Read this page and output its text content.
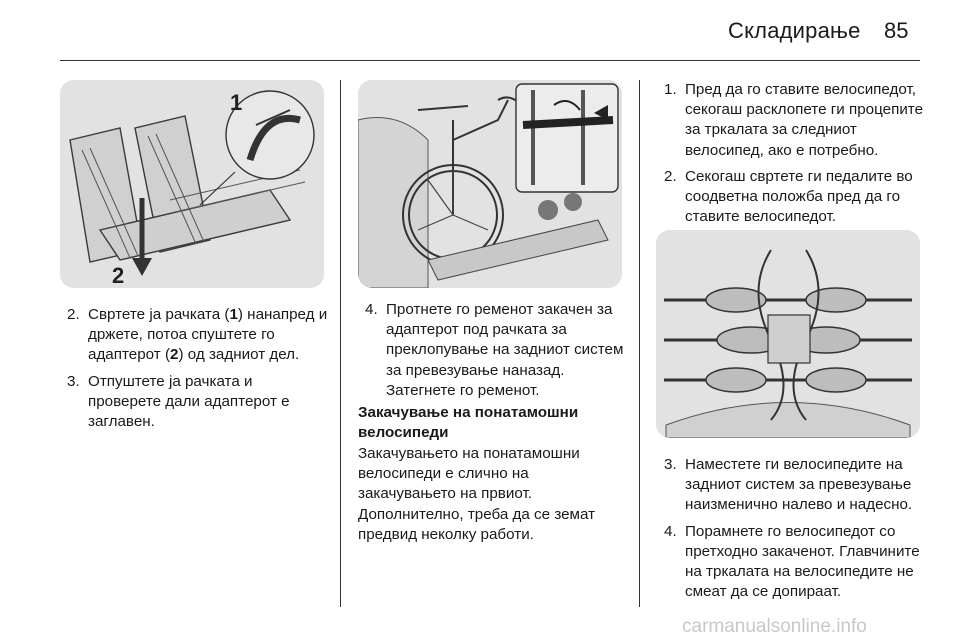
Складирање 85
1
2
2. Свртете ја рачката (1) нанапред и држете, потоа спуштете го адаптерот (2) од задниот дел.
3. Отпуштете ја рачката и проверете дали адаптерот е заглавен.
4. Протнете го ременот закачен за адаптерот под рачката за преклопување на задниот систем за превезување наназад. Затегнете го ременот.
Закачување на понатамошни велосипеди
Закачувањето на понатамошни велосипеди е слично на закачувањето на првиот. Дополнително, треба да се земат предвид неколку работи.
1. Пред да го ставите велосипедот, секогаш расклопете ги процепите за тркалата за следниот велосипед, ако е потребно.
2. Секогаш свртете ги педалите во соодветна положба пред да го ставите велосипедот.
3. Наместете ги велосипедите на задниот систем за превезување наизменично налево и надесно.
4. Порамнете го велосипедот со претходно закаченот. Главчините на тркалата на велосипедите не смеат да се допираат.
carmanualsonline.info
